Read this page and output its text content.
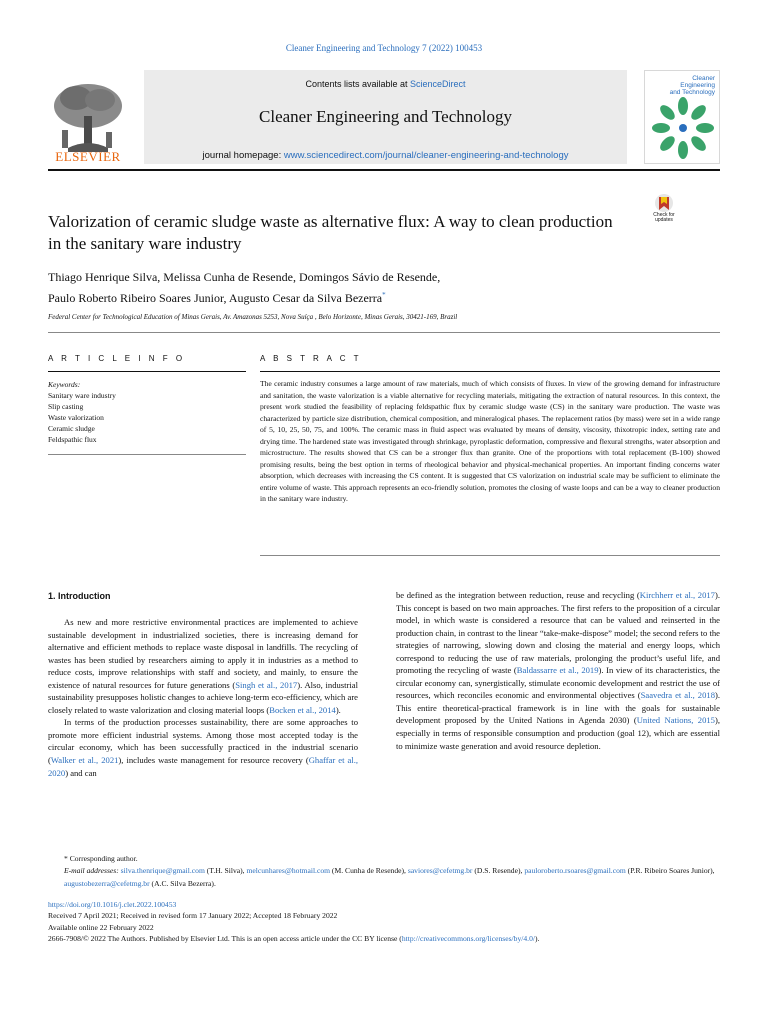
Cleaner Engineering and Technology 7 (2022) 100453
ELSEVIER
Contents lists available at ScienceDirect
Cleaner Engineering and Technology
journal homepage: www.sciencedirect.com/journal/cleaner-engineering-and-technology
Cleaner
Engineering
and Technology
Check for
updates
Valorization of ceramic sludge waste as alternative flux: A way to clean production in the sanitary ware industry
Thiago Henrique Silva, Melissa Cunha de Resende, Domingos Sávio de Resende,
Paulo Roberto Ribeiro Soares Junior, Augusto Cesar da Silva Bezerra*
Federal Center for Technological Education of Minas Gerais, Av. Amazonas 5253, Nova Suíça , Belo Horizonte, Minas Gerais, 30421-169, Brazil
A R T I C L E I N F O	A B S T R A C T
Keywords:
Sanitary ware industry
Slip casting
Waste valorization
Ceramic sludge
Feldspathic flux
The ceramic industry consumes a large amount of raw materials, much of which consists of fluxes. In view of the growing demand for infrastructure and sanitation, the waste valorization is a viable alternative for recycling materials, mitigating the extraction of natural resources. In this context, the present work studied the feasibility of replacing feldspathic flux by ceramic sludge waste (CS) in the sanitary ware production. The waste was characterized by particle size distribution, chemical composition, and mineralogical phases. The replacement ratios (by mass) were set in a wide range of 5, 10, 25, 50, 75, and 100%. The ceramic mass in fluid aspect was evaluated by means of density, viscosity, thixotropic index, setting rate and drying time. The hardened state was investigated through shrinkage, pyroplastic deformation, compressive and flexural strengths, water absorption and microstructure. The results showed that CS can be a stronger flux than granite. One of the proportions with total replacement (B-100) showed promising results, being the best option in terms of rheological behavior and physical-mechanical properties. An important finding concerns water absorption, which decreases with increasing the CS content. It is suggested that CS valorization on industrial scale may be sufficient to eliminate the entire volume of waste. This approach represents an eco-friendly solution, promotes the closing of waste loops and can be a way to cleaner production in the sanitary ware industry.
1. Introduction

As new and more restrictive environmental practices are implemented to achieve sustainable development in industrialized societies, there is increasing demand for alternative and efficient methods to replace waste disposal in landfills. The recycling of wastes has been studied by researchers aiming to apply it in industries as a method to reduce costs, improve relationships with staff and society, and mainly, to ensure the existence of natural resources for future generations (Singh et al., 2017). Also, industrial sustainability presupposes holistic changes to achieve long-term eco-efficiency, which are closely related to waste valorization and closing material loops (Bocken et al., 2014).

In terms of the production processes sustainability, there are some approaches to promote more efficient industrial systems. Among those most accepted today is the circular economy, which has been successfully practiced in the industrial scenario (Walker et al., 2021), includes waste management for resource recovery (Ghaffar et al., 2020) and can

be defined as the integration between reduction, reuse and recycling (Kirchherr et al., 2017). This concept is based on two main approaches. The first refers to the proposition of a circular model, in which waste is considered a resource that can be valued and reinserted in the production chain, in contrast to the linear “take-make-dispose” model; the second refers to the strategies of narrowing, slowing down and closing the material and energy loops, which correspond to reducing the use of raw materials, prolonging the product’s useful life, and promoting the recycling of waste (Baldassarre et al., 2019). In view of its characteristics, the circular economy can, synergistically, stimulate economic development and restrict the use of resources, which reconciles economic and environmental objectives (Saavedra et al., 2018). This entire theoretical-practical framework is in line with the goals for sustainable development proposed by the United Nations in Agenda 2030) (United Nations, 2015), especially in terms of responsible consumption and production (goal 12), which are essential to minimize waste generation and avoid resource depletion.

* Corresponding author.
E-mail addresses: silva.thenrique@gmail.com (T.H. Silva), melcunhares@hotmail.com (M. Cunha de Resende), saviores@cefetmg.br (D.S. Resende), pauloroberto.rsoares@gmail.com (P.R. Ribeiro Soares Junior), augustobezerra@cefetmg.br (A.C. Silva Bezerra).
https://doi.org/10.1016/j.clet.2022.100453
Received 7 April 2021; Received in revised form 17 January 2022; Accepted 18 February 2022
Available online 22 February 2022
2666-7908/© 2022 The Authors. Published by Elsevier Ltd. This is an open access article under the CC BY license (http://creativecommons.org/licenses/by/4.0/).
